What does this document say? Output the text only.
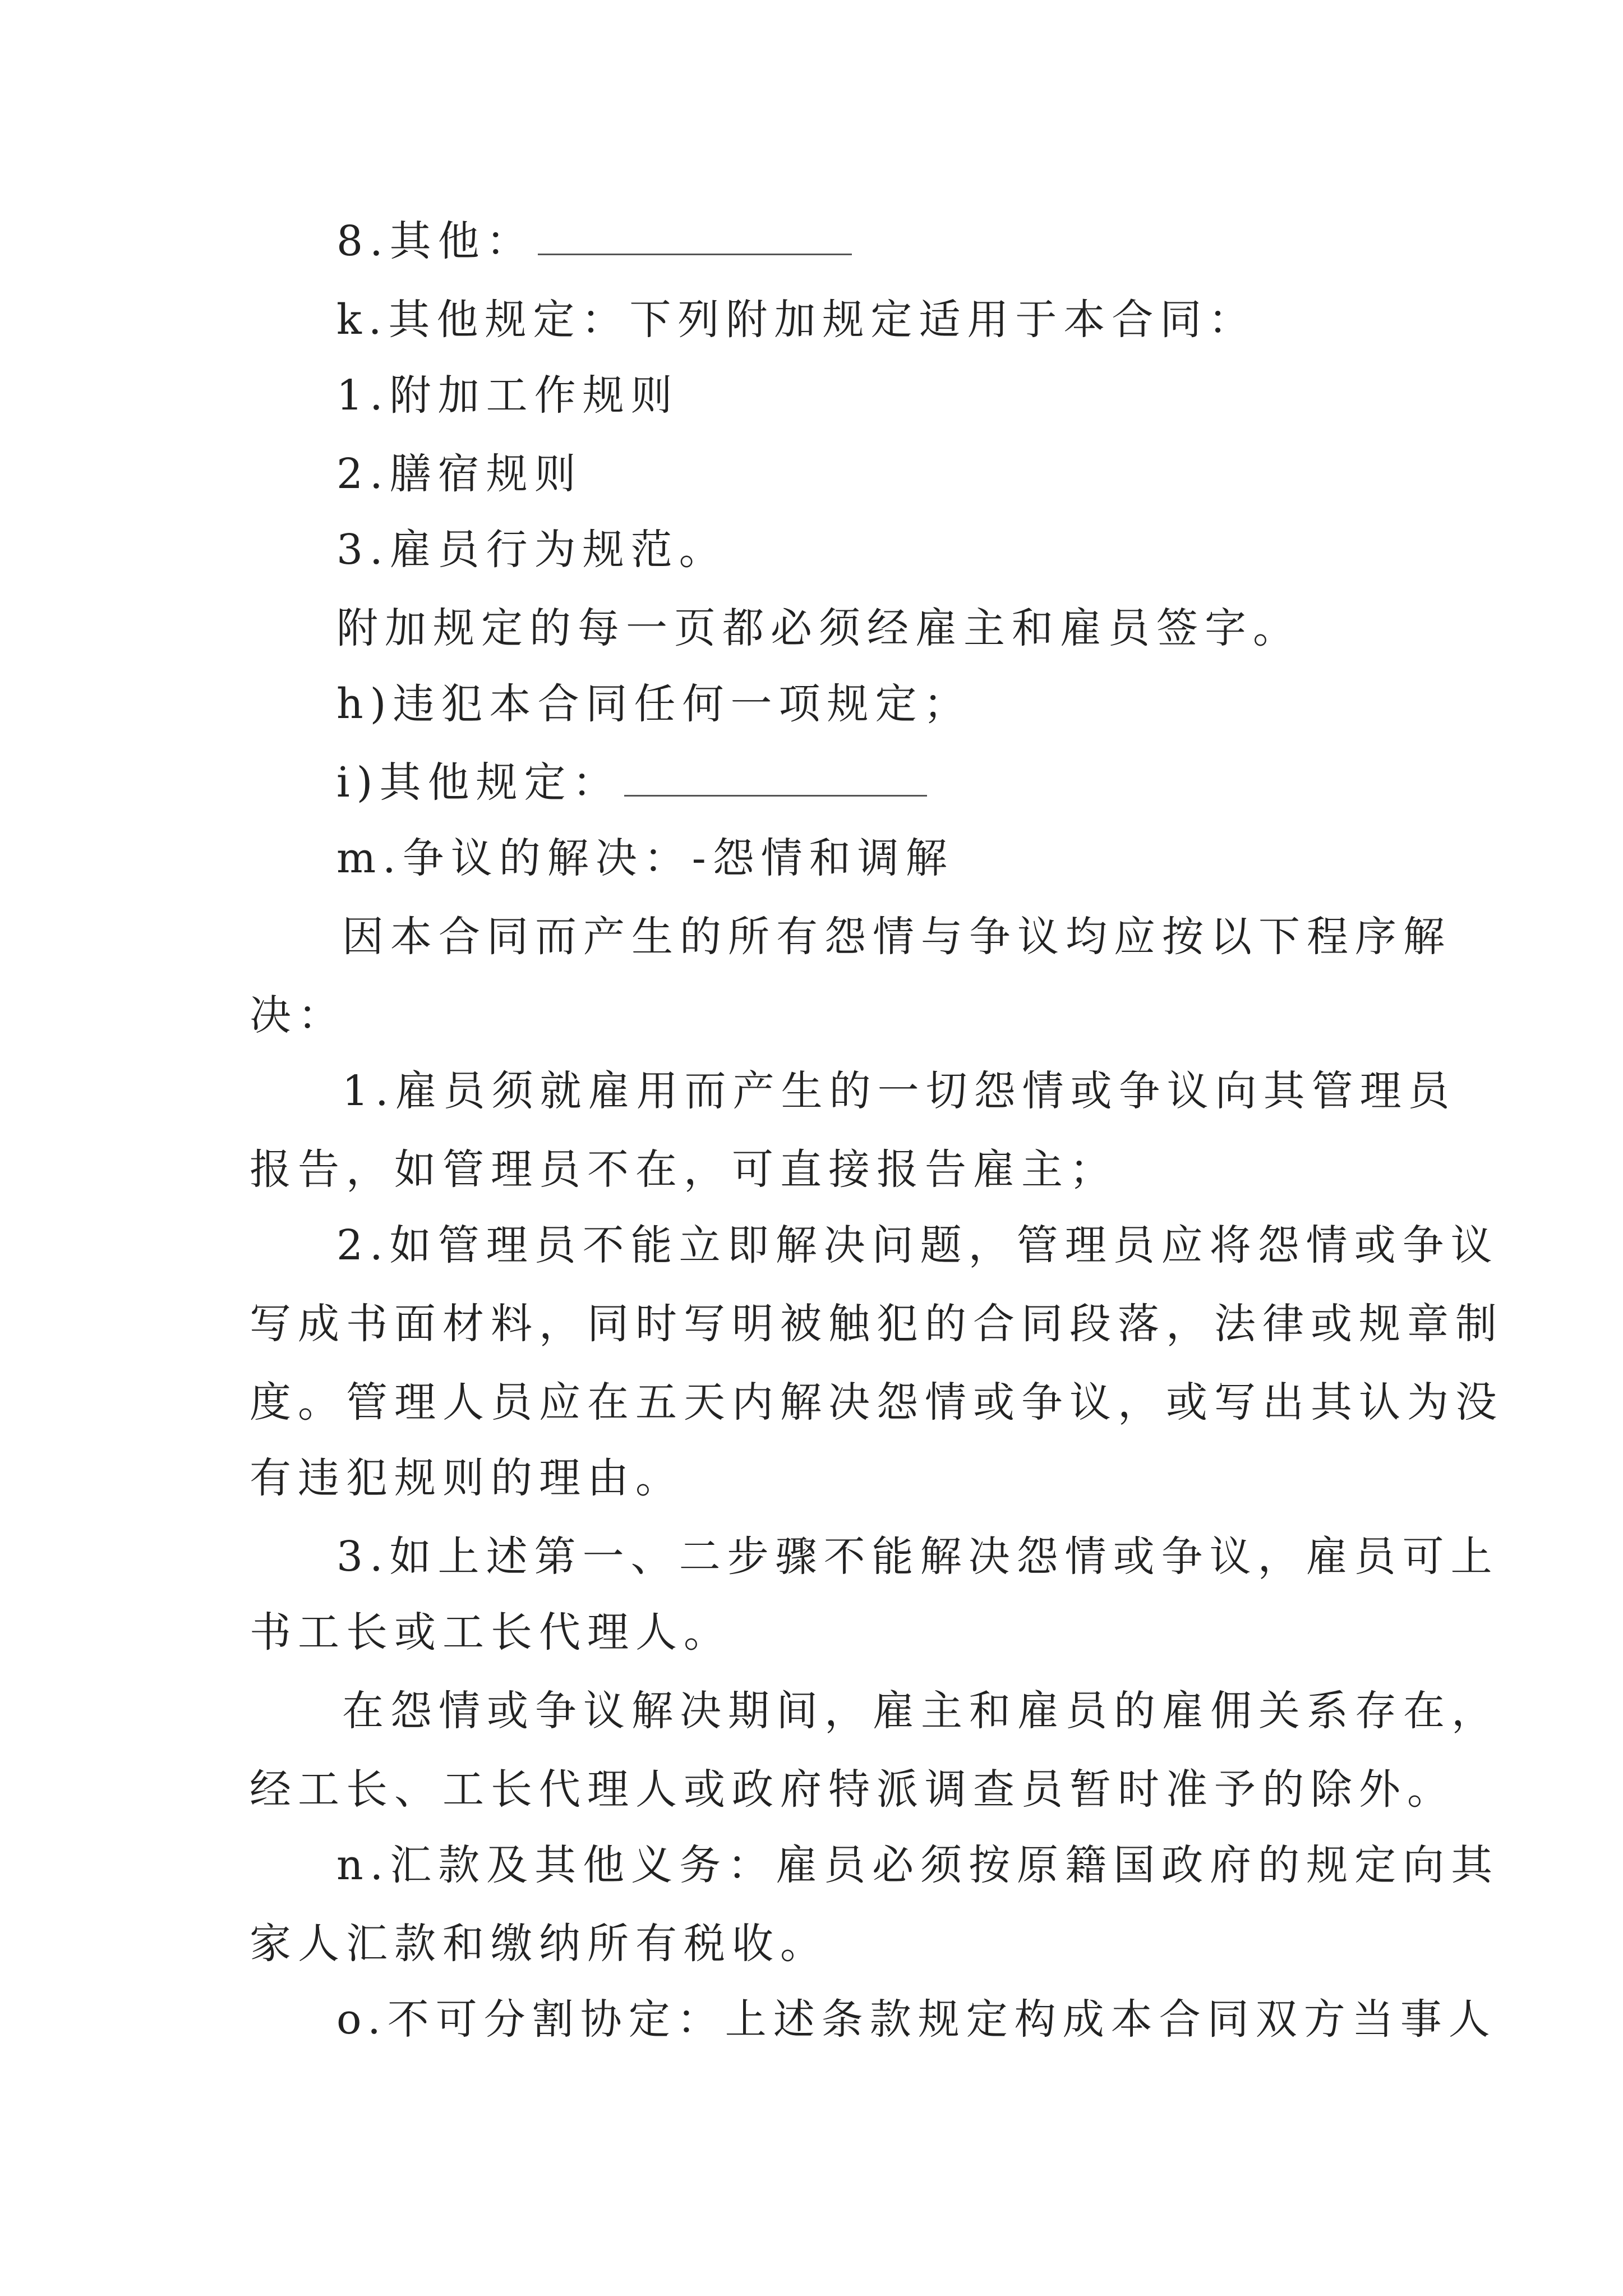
8.其他：
k.其他规定：下列附加规定适用于本合同：
1.附加工作规则
2.膳宿规则
3.雇员行为规范。
附加规定的每一页都必须经雇主和雇员签字。
h)违犯本合同任何一项规定；
i)其他规定：
m.争议的解决：-怨情和调解
因本合同而产生的所有怨情与争议均应按以下程序解
决：
1.雇员须就雇用而产生的一切怨情或争议向其管理员
报告，如管理员不在，可直接报告雇主；
2.如管理员不能立即解决问题，管理员应将怨情或争议
写成书面材料，同时写明被触犯的合同段落，法律或规章制
度。管理人员应在五天内解决怨情或争议，或写出其认为没
有违犯规则的理由。
3.如上述第一、二步骤不能解决怨情或争议，雇员可上
书工长或工长代理人。
在怨情或争议解决期间，雇主和雇员的雇佣关系存在，
经工长、工长代理人或政府特派调查员暂时准予的除外。
n.汇款及其他义务：雇员必须按原籍国政府的规定向其
家人汇款和缴纳所有税收。
o.不可分割协定：上述条款规定构成本合同双方当事人
